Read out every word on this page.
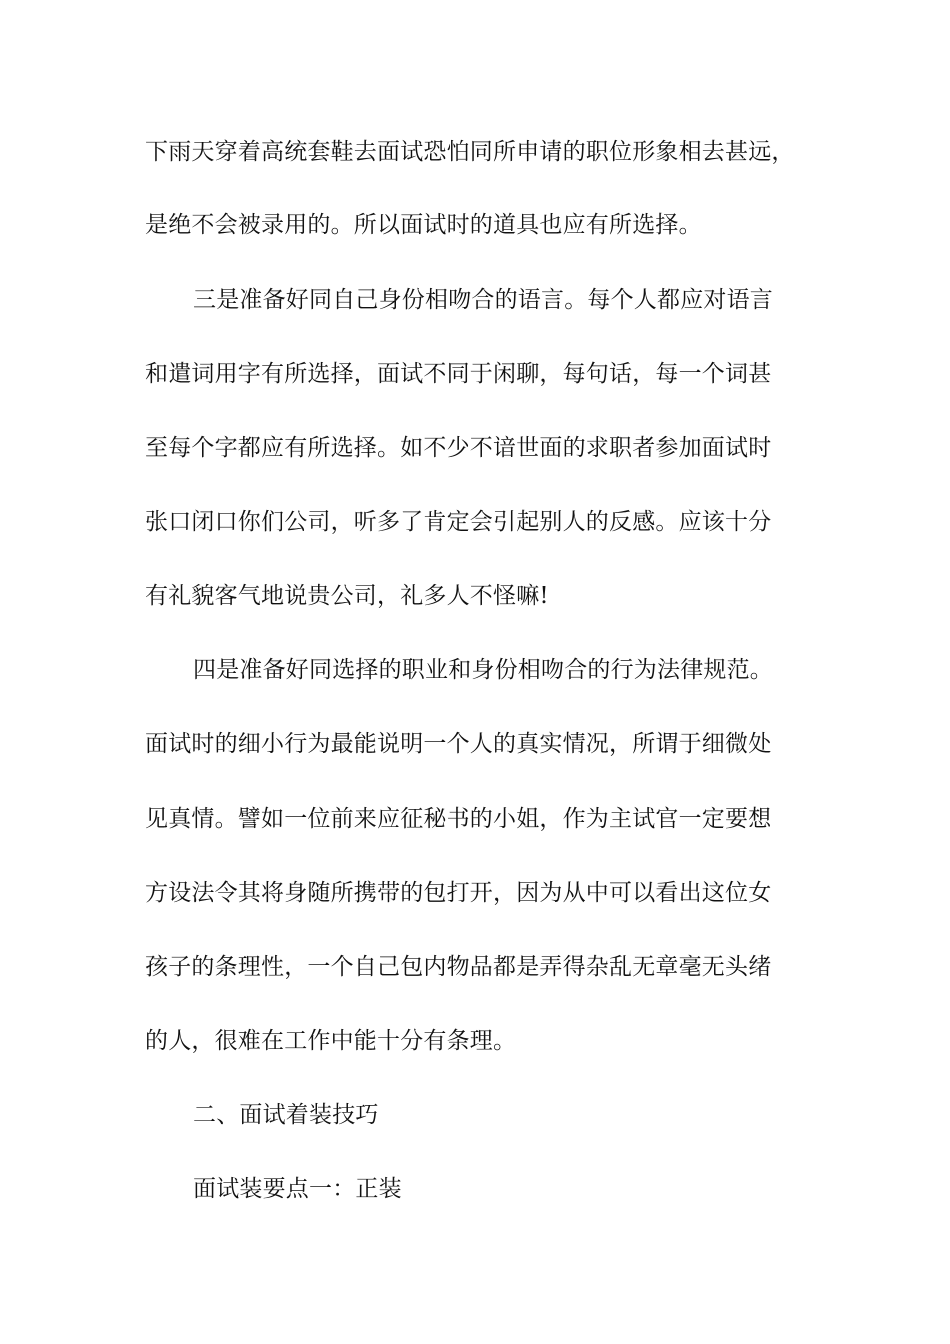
下雨天穿着高统套鞋去面试恐怕同所申请的职位形象相去甚远，
是绝不会被录用的。所以面试时的道具也应有所选择。
三是准备好同自己身份相吻合的语言。每个人都应对语言
和遣词用字有所选择，面试不同于闲聊，每句话，每一个词甚
至每个字都应有所选择。如不少不谙世面的求职者参加面试时
张口闭口你们公司，听多了肯定会引起别人的反感。应该十分
有礼貌客气地说贵公司，礼多人不怪嘛!
四是准备好同选择的职业和身份相吻合的行为法律规范。
面试时的细小行为最能说明一个人的真实情况，所谓于细微处
见真情。譬如一位前来应征秘书的小姐，作为主试官一定要想
方设法令其将身随所携带的包打开，因为从中可以看出这位女
孩子的条理性，一个自己包内物品都是弄得杂乱无章毫无头绪
的人，很难在工作中能十分有条理。
二、面试着装技巧
面试装要点一：正装
